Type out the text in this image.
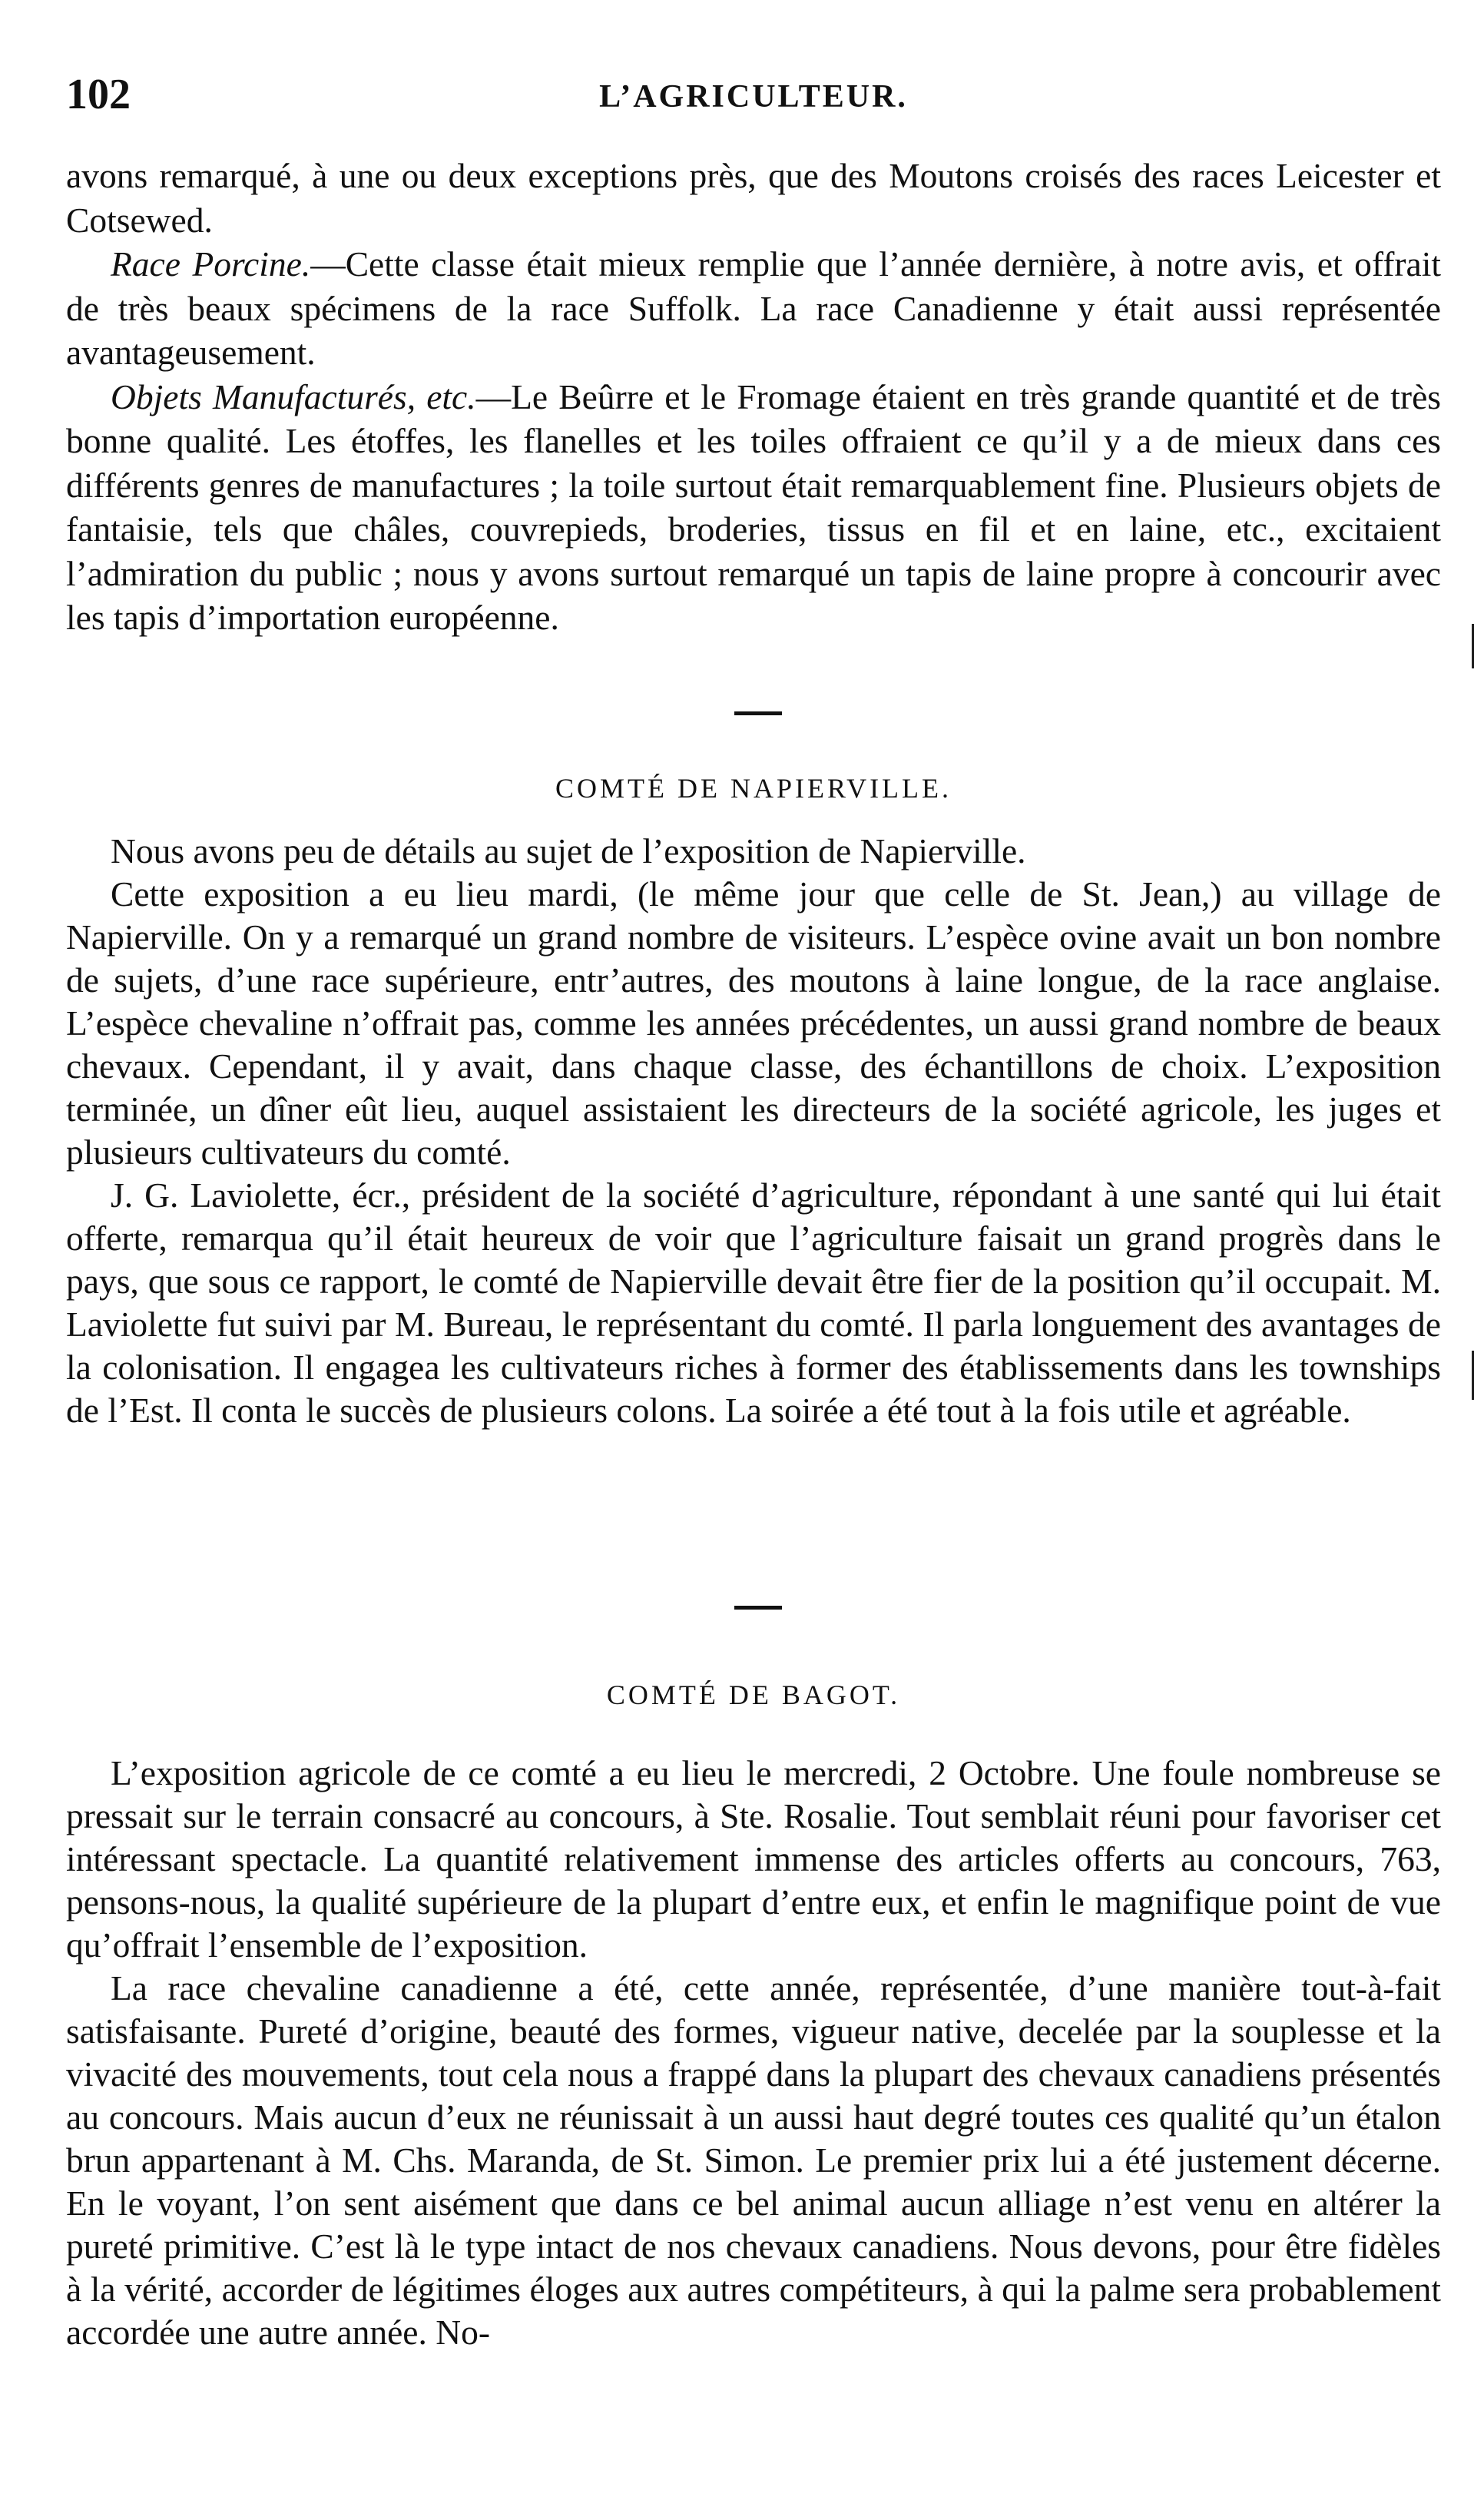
102	L’AGRICULTEUR.

avons remarqué, à une ou deux exceptions près, que des Moutons croisés des races Leicester et Cotsewed.

Race Porcine.—Cette classe était mieux remplie que l’année dernière, à notre avis, et offrait de très beaux spécimens de la race Suffolk. La race Canadienne y était aussi représentée avantageusement.

Objets Manufacturés, etc.—Le Beûrre et le Fromage étaient en très grande quantité et de très bonne qualité. Les étoffes, les flanelles et les toiles offraient ce qu’il y a de mieux dans ces différents genres de manufactures ; la toile surtout était remarquablement fine. Plusieurs objets de fantaisie, tels que châles, couvrepieds, broderies, tissus en fil et en laine, etc., excitaient l’admiration du public ; nous y avons surtout remarqué un tapis de laine propre à concourir avec les tapis d’importation européenne.

COMTÉ DE NAPIERVILLE.

Nous avons peu de détails au sujet de l’exposition de Napierville.

Cette exposition a eu lieu mardi, (le même jour que celle de St. Jean,) au village de Napierville. On y a remarqué un grand nombre de visiteurs. L’espèce ovine avait un bon nombre de sujets, d’une race supérieure, entr’autres, des moutons à laine longue, de la race anglaise. L’espèce chevaline n’offrait pas, comme les années précédentes, un aussi grand nombre de beaux chevaux. Cependant, il y avait, dans chaque classe, des échantillons de choix. L’exposition terminée, un dîner eût lieu, auquel assistaient les directeurs de la société agricole, les juges et plusieurs cultivateurs du comté.

J. G. Laviolette, écr., président de la société d’agriculture, répondant à une santé qui lui était offerte, remarqua qu’il était heureux de voir que l’agriculture faisait un grand progrès dans le pays, que sous ce rapport, le comté de Napierville devait être fier de la position qu’il occupait. M. Laviolette fut suivi par M. Bureau, le représentant du comté. Il parla longuement des avantages de la colonisation. Il engagea les cultivateurs riches à former des établissements dans les townships de l’Est. Il conta le succès de plusieurs colons. La soirée a été tout à la fois utile et agréable.

COMTÉ DE BAGOT.

L’exposition agricole de ce comté a eu lieu le mercredi, 2 Octobre. Une foule nombreuse se pressait sur le terrain consacré au concours, à Ste. Rosalie. Tout semblait réuni pour favoriser cet intéressant spectacle. La quantité relativement immense des articles offerts au concours, 763, pensons-nous, la qualité supérieure de la plupart d’entre eux, et enfin le magnifique point de vue qu’offrait l’ensemble de l’exposition.

La race chevaline canadienne a été, cette année, représentée, d’une manière tout-à-fait satisfaisante. Pureté d’origine, beauté des formes, vigueur native, decelée par la souplesse et la vivacité des mouvements, tout cela nous a frappé dans la plupart des chevaux canadiens présentés au concours. Mais aucun d’eux ne réunissait à un aussi haut degré toutes ces qualité qu’un étalon brun appartenant à M. Chs. Maranda, de St. Simon. Le premier prix lui a été justement décerne. En le voyant, l’on sent aisément que dans ce bel animal aucun alliage n’est venu en altérer la pureté primitive. C’est là le type intact de nos chevaux canadiens. Nous devons, pour être fidèles à la vérité, accorder de légitimes éloges aux autres compétiteurs, à qui la palme sera probablement accordée une autre année. No-
